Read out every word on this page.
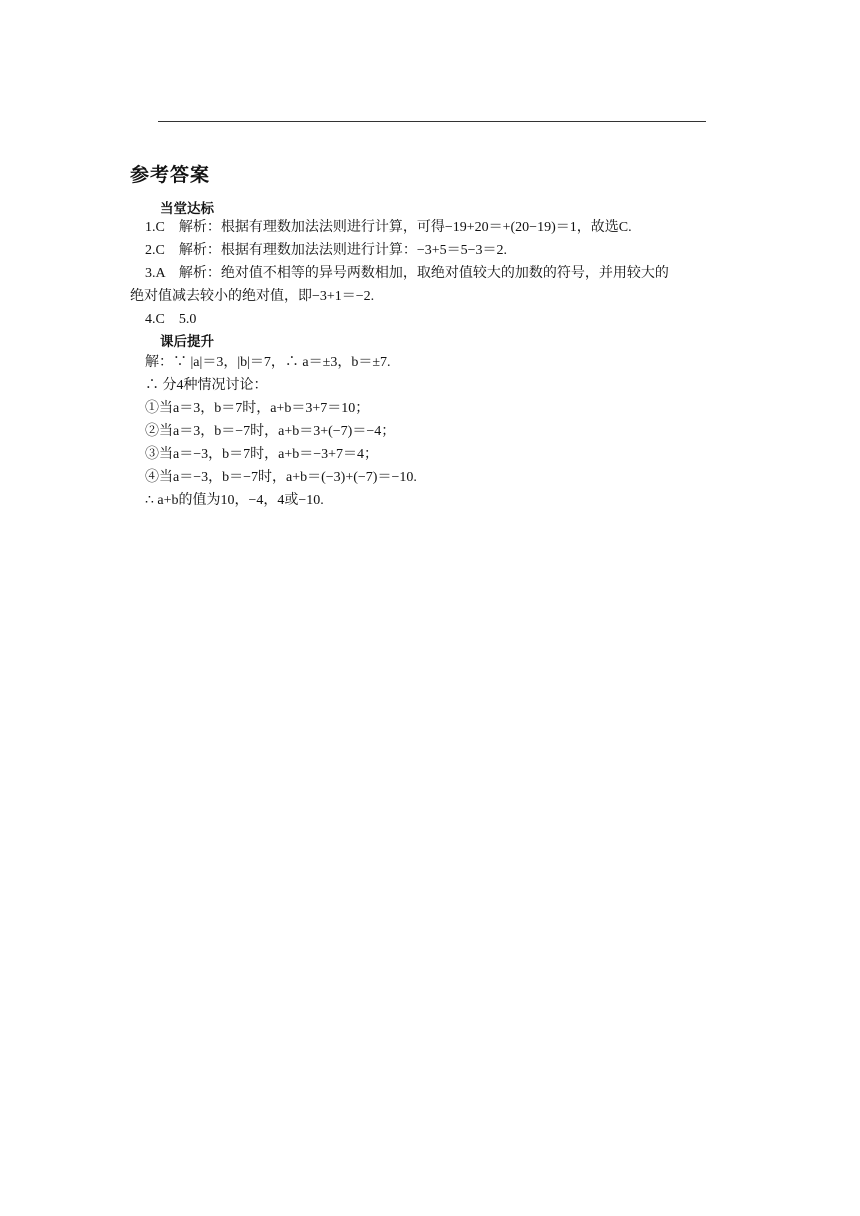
参考答案
当堂达标
1.C　解析：根据有理数加法法则进行计算，可得−19+20＝+(20−19)＝1，故选C.
2.C　解析：根据有理数加法法则进行计算：−3+5＝5−3＝2.
3.A　解析：绝对值不相等的异号两数相加，取绝对值较大的加数的符号，并用较大的
绝对值减去较小的绝对值，即−3+1＝−2.
4.C　5.0
课后提升
解：∵ |a|＝3，|b|＝7，∴ a＝±3，b＝±7.
∴ 分4种情况讨论：
①当a＝3，b＝7时，a+b＝3+7＝10；
②当a＝3，b＝−7时，a+b＝3+(−7)＝−4；
③当a＝−3，b＝7时，a+b＝−3+7＝4；
④当a＝−3，b＝−7时，a+b＝(−3)+(−7)＝−10.
∴ a+b的值为10，−4，4或−10.
